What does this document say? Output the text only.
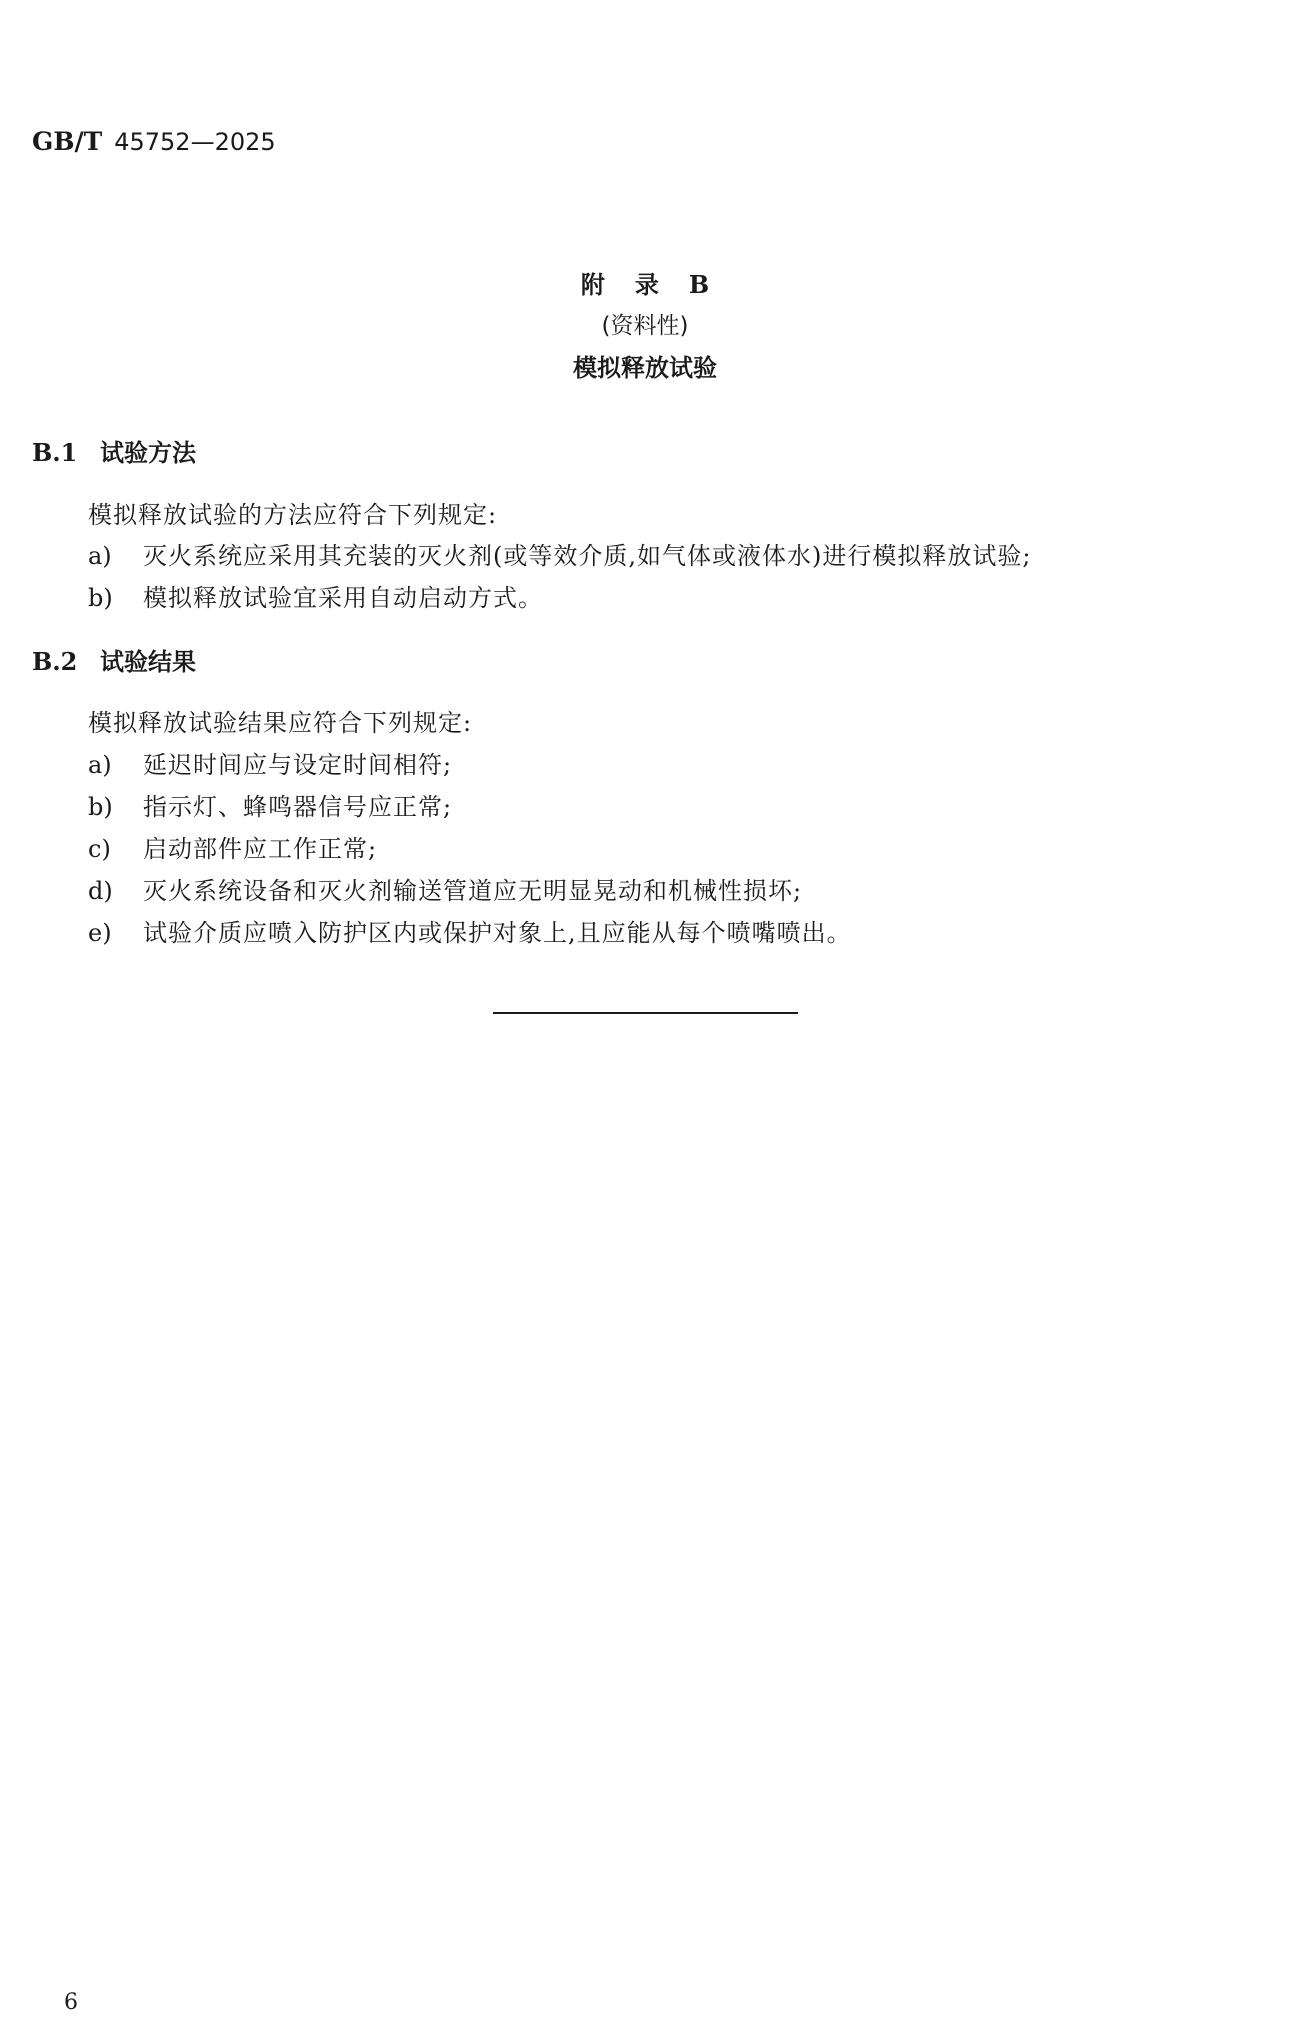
GB/T 45752—2025
附 录 B
(资料性)
模拟释放试验
B.1 试验方法
模拟释放试验的方法应符合下列规定:
a) 灭火系统应采用其充装的灭火剂(或等效介质,如气体或液体水)进行模拟释放试验;
b) 模拟释放试验宜采用自动启动方式。
B.2 试验结果
模拟释放试验结果应符合下列规定:
a) 延迟时间应与设定时间相符;
b) 指示灯、蜂鸣器信号应正常;
c) 启动部件应工作正常;
d) 灭火系统设备和灭火剂输送管道应无明显晃动和机械性损坏;
e) 试验介质应喷入防护区内或保护对象上,且应能从每个喷嘴喷出。
6
